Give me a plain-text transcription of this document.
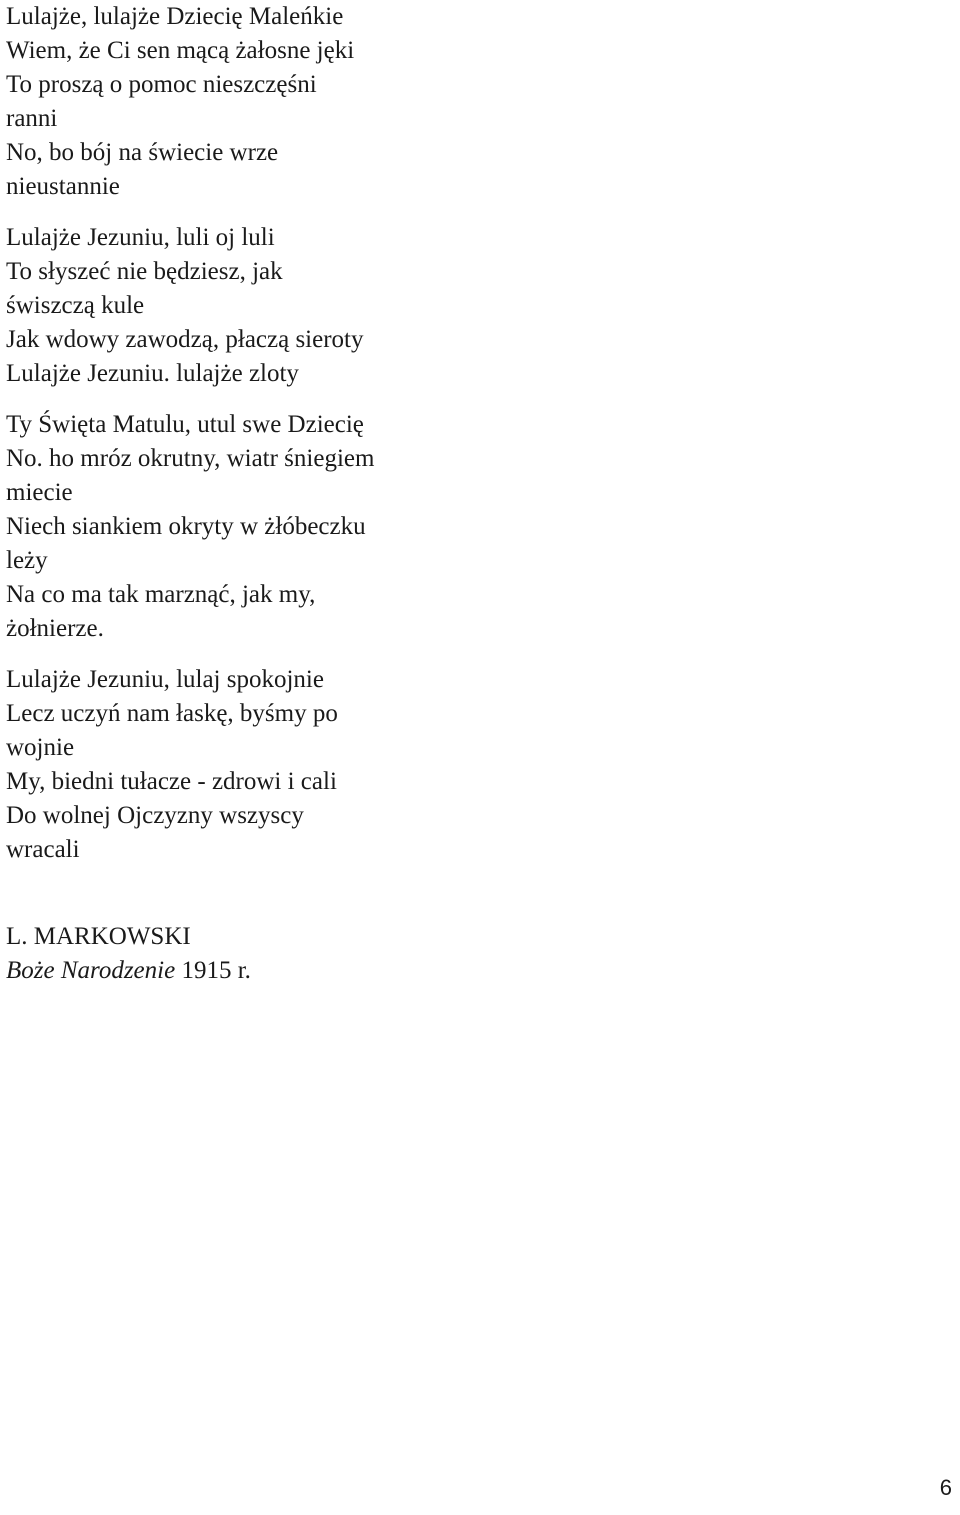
Lulajże, lulajże Dziecię Maleńkie
Wiem, że Ci sen mącą żałosne jęki
To proszą o pomoc nieszczęśni
ranni
No, bo bój na świecie wrze
nieustannie
Lulajże Jezuniu, luli oj luli
To słyszeć nie będziesz, jak
świszczą kule
Jak wdowy zawodzą, płaczą sieroty
Lulajże Jezuniu. lulajże zloty
Ty Święta Matulu, utul swe Dziecię
No. ho mróz okrutny, wiatr śniegiem
miecie
Niech siankiem okryty w żłóbeczku
leży
Na co ma tak marznąć, jak my,
żołnierze.
Lulajże Jezuniu, lulaj spokojnie
Lecz uczyń nam łaskę, byśmy po
wojnie
My, biedni tułacze - zdrowi i cali
Do wolnej Ojczyzny wszyscy
wracali
L. MARKOWSKI
Boże Narodzenie 1915 r.
6
